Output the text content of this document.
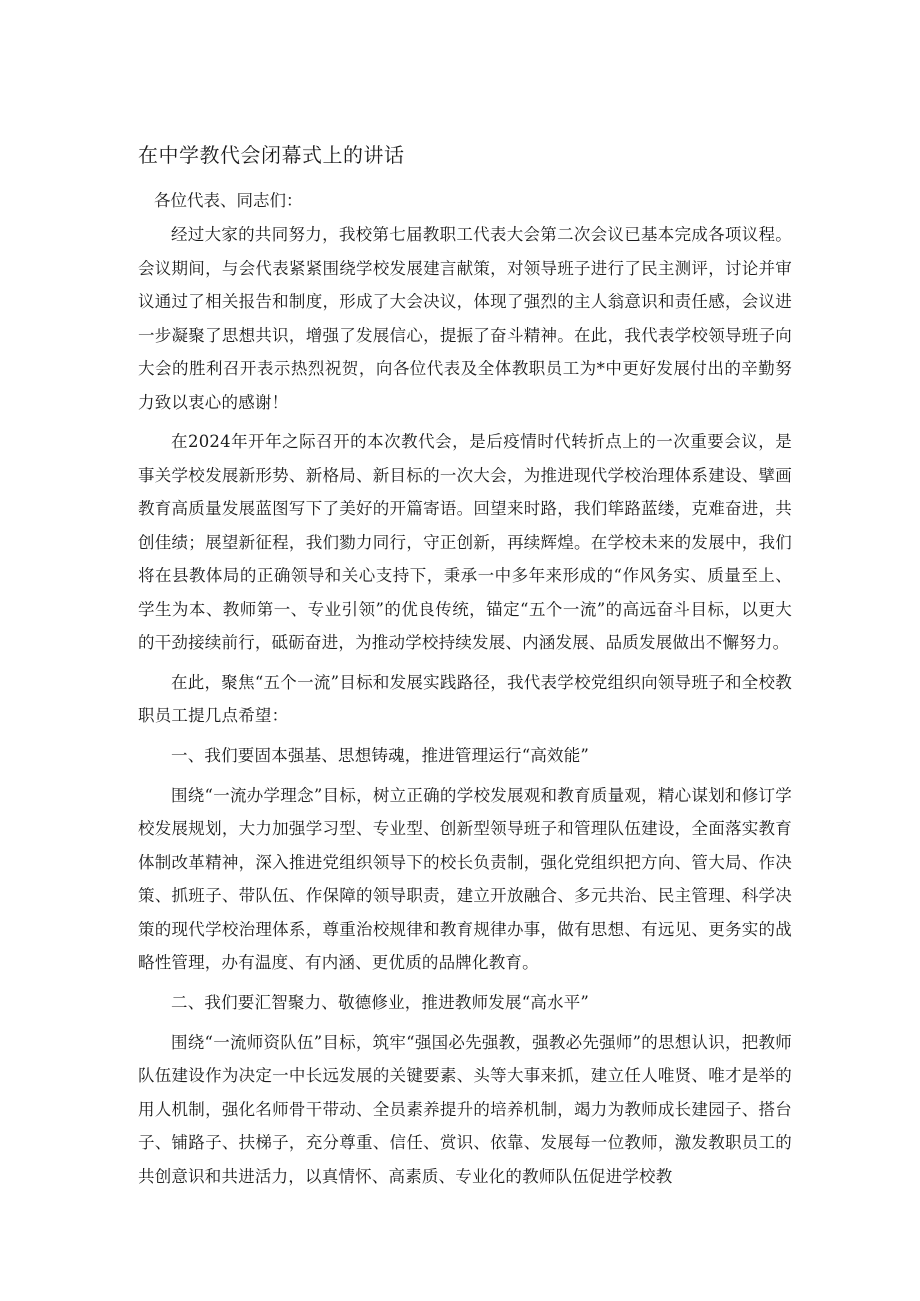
在中学教代会闭幕式上的讲话

各位代表、同志们：

经过大家的共同努力，我校第七届教职工代表大会第二次会议已基本完成各项议程。会议期间，与会代表紧紧围绕学校发展建言献策，对领导班子进行了民主测评，讨论并审议通过了相关报告和制度，形成了大会决议，体现了强烈的主人翁意识和责任感，会议进一步凝聚了思想共识，增强了发展信心，提振了奋斗精神。在此，我代表学校领导班子向大会的胜利召开表示热烈祝贺，向各位代表及全体教职员工为*中更好发展付出的辛勤努力致以衷心的感谢！

在2024年开年之际召开的本次教代会，是后疫情时代转折点上的一次重要会议，是事关学校发展新形势、新格局、新目标的一次大会，为推进现代学校治理体系建设、擘画教育高质量发展蓝图写下了美好的开篇寄语。回望来时路，我们筚路蓝缕，克难奋进，共创佳绩；展望新征程，我们勠力同行，守正创新，再续辉煌。在学校未来的发展中，我们将在县教体局的正确领导和关心支持下，秉承一中多年来形成的“作风务实、质量至上、学生为本、教师第一、专业引领”的优良传统，锚定“五个一流”的高远奋斗目标，以更大的干劲接续前行，砥砺奋进，为推动学校持续发展、内涵发展、品质发展做出不懈努力。

在此，聚焦“五个一流”目标和发展实践路径，我代表学校党组织向领导班子和全校教职员工提几点希望：

一、我们要固本强基、思想铸魂，推进管理运行“高效能”

围绕“一流办学理念”目标，树立正确的学校发展观和教育质量观，精心谋划和修订学校发展规划，大力加强学习型、专业型、创新型领导班子和管理队伍建设，全面落实教育体制改革精神，深入推进党组织领导下的校长负责制，强化党组织把方向、管大局、作决策、抓班子、带队伍、作保障的领导职责，建立开放融合、多元共治、民主管理、科学决策的现代学校治理体系，尊重治校规律和教育规律办事，做有思想、有远见、更务实的战略性管理，办有温度、有内涵、更优质的品牌化教育。

二、我们要汇智聚力、敬德修业，推进教师发展“高水平”

围绕“一流师资队伍”目标，筑牢“强国必先强教，强教必先强师”的思想认识，把教师队伍建设作为决定一中长远发展的关键要素、头等大事来抓，建立任人唯贤、唯才是举的用人机制，强化名师骨干带动、全员素养提升的培养机制，竭力为教师成长建园子、搭台子、铺路子、扶梯子，充分尊重、信任、赏识、依靠、发展每一位教师，激发教职员工的共创意识和共进活力，以真情怀、高素质、专业化的教师队伍促进学校教
